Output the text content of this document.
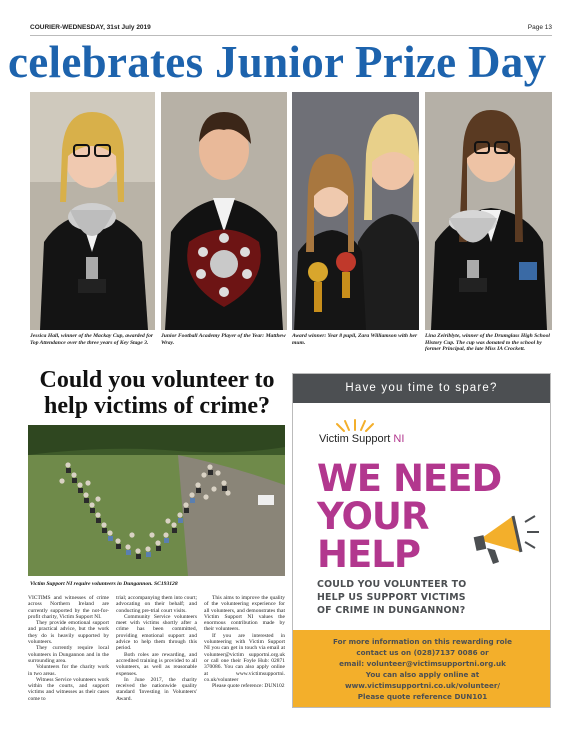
COURIER-WEDNESDAY, 31st July 2019	Page 13
celebrates Junior Prize Day
Jessica Hall, winner of the Mackay Cup, awarded for Top Attendance over the three years of Key Stage 3.
Junior Football Academy Player of the Year: Matthew Wray.
Award winner: Year 8 pupil, Zara Williamson with her mum.
Lina Zeiriblyte, winner of the Drumglass High School History Cup. The cup was donated to the school by former Principal, the late Miss IA Crockett.
Could you volunteer to
help victims of crime?
Victim Support NI require volunteers in Dungannon. SC193128

VICTIMS and witnesses of crime across Northern Ireland are currently supported by the not-for-profit charity, Victim Support NI.

They provide emotional support and practical advice, but the work they do is heavily supported by volunteers.

They currently require local volunteers in Dungannon and in the surrounding area.

Volunteers for the charity work in two areas.

Witness Service volunteers work within the courts, and support victims and witnesses as their cases come to

trial; accompanying them into court; advocating on their behalf; and conducting pre-trial court visits.

Community Service volunteers meet with victims shortly after a crime has been committed, providing emotional support and advice to help them through this period.

Both roles are rewarding, and accredited training is provided to all volunteers, as well as reasonable expenses.

In June 2017, the charity received the nationwide quality standard 'Investing in Volunteers' Award.

This aims to improve the quality of the volunteering experience for all volunteers, and demonstrates that Victim Support NI values the enormous contribution made by their volunteers.

If you are interested in volunteering with Victim Support NI you can get in touch via email at volunteer@victim supportni.org.uk or call one their Foyle Hub: 02871 370086. You can also apply online at www.victimsupportni. co.uk/volunteer

Please quote reference: DUN102

Have you time to spare?
Victim Support NI
WE NEED
YOUR
HELP
COULD YOU VOLUNTEER TO
HELP US SUPPORT VICTIMS
OF CRIME IN DUNGANNON?
For more information on this rewarding role
contact us on (028)7137 0086 or
email: volunteer@victimsupportni.org.uk
You can also apply online at
www.victimsupportni.co.uk/volunteer/
Please quote reference DUN101
